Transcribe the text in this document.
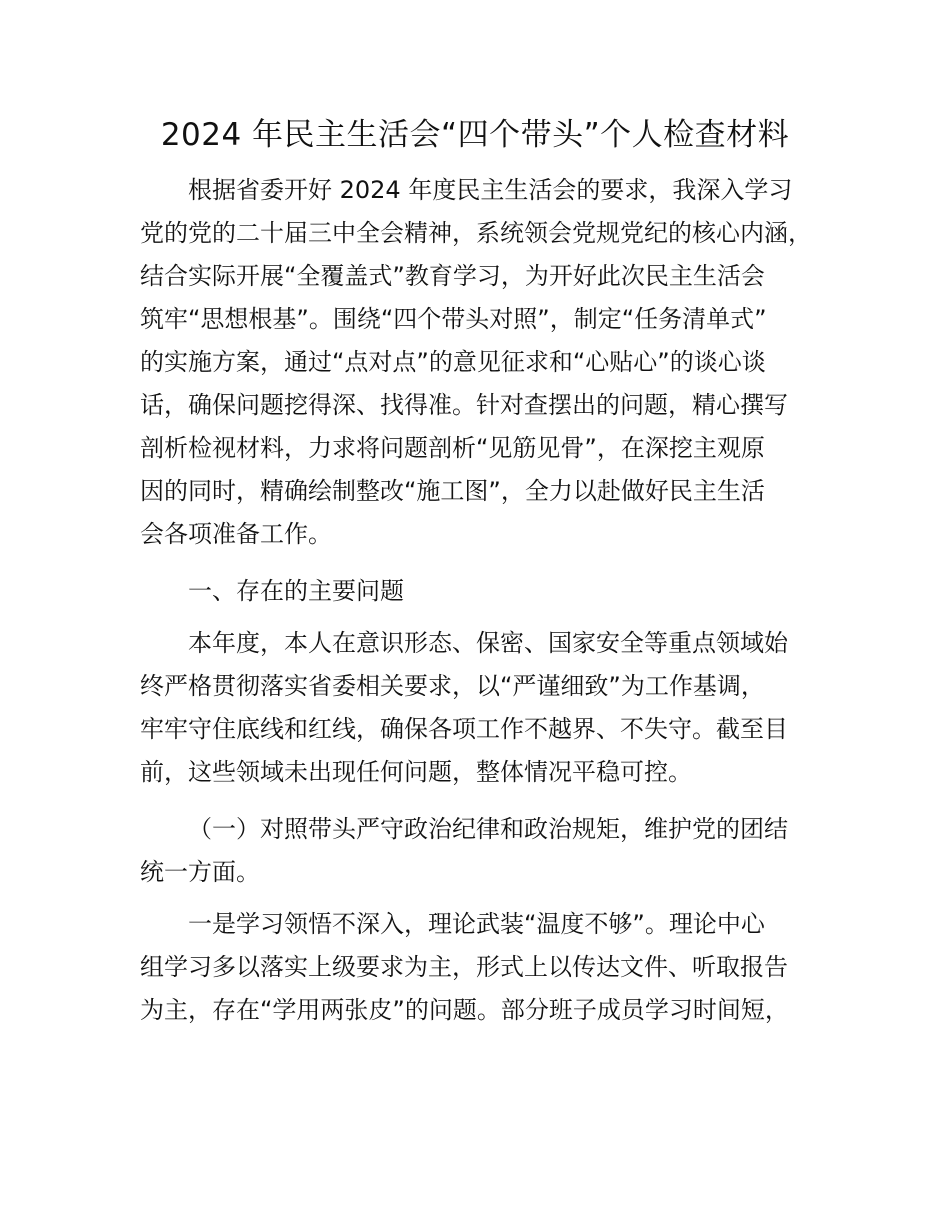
2024 年民主生活会“四个带头”个人检查材料
根据省委开好 2024 年度民主生活会的要求，我深入学习
党的党的二十届三中全会精神，系统领会党规党纪的核心内涵，
结合实际开展“全覆盖式”教育学习，为开好此次民主生活会
筑牢“思想根基”。围绕“四个带头对照”，制定“任务清单式”
的实施方案，通过“点对点”的意见征求和“心贴心”的谈心谈
话，确保问题挖得深、找得准。针对查摆出的问题，精心撰写
剖析检视材料，力求将问题剖析“见筋见骨”，在深挖主观原
因的同时，精确绘制整改“施工图”，全力以赴做好民主生活
会各项准备工作。
一、存在的主要问题
本年度，本人在意识形态、保密、国家安全等重点领域始
终严格贯彻落实省委相关要求，以“严谨细致”为工作基调，
牢牢守住底线和红线，确保各项工作不越界、不失守。截至目
前，这些领域未出现任何问题，整体情况平稳可控。
（一）对照带头严守政治纪律和政治规矩，维护党的团结
统一方面。
一是学习领悟不深入，理论武装“温度不够”。理论中心
组学习多以落实上级要求为主，形式上以传达文件、听取报告
为主，存在“学用两张皮”的问题。部分班子成员学习时间短，
